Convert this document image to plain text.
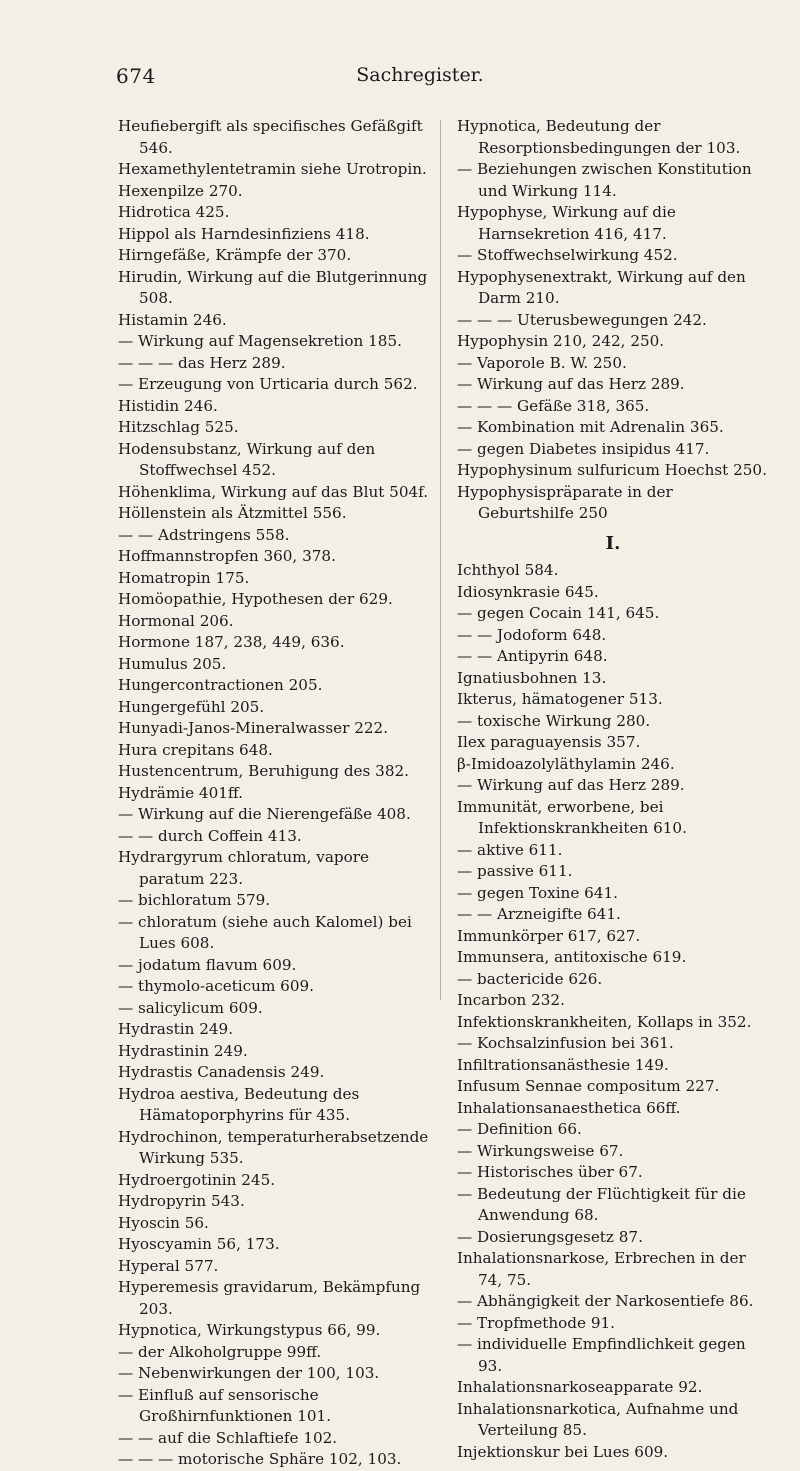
674	Sachregister.

Heufiebergift als specifisches Gefäßgift 546.

Hexamethylentetramin siehe Urotropin.

Hexenpilze 270.

Hidrotica 425.

Hippol als Harndesinfiziens 418.

Hirngefäße, Krämpfe der 370.

Hirudin, Wirkung auf die Blutgerinnung 508.

Histamin 246.

— Wirkung auf Magensekretion 185.

— — — das Herz 289.

— Erzeugung von Urticaria durch 562.

Histidin 246.

Hitzschlag 525.

Hodensubstanz, Wirkung auf den Stoffwechsel 452.

Höhenklima, Wirkung auf das Blut 504f.

Höllenstein als Ätzmittel 556.

— — Adstringens 558.

Hoffmannstropfen 360, 378.

Homatropin 175.

Homöopathie, Hypothesen der 629.

Hormonal 206.

Hormone 187, 238, 449, 636.

Humulus 205.

Hungercontractionen 205.

Hungergefühl 205.

Hunyadi-Janos-Mineralwasser 222.

Hura crepitans 648.

Hustencentrum, Beruhigung des 382.

Hydrämie 401ff.

— Wirkung auf die Nierengefäße 408.

— — durch Coffein 413.

Hydrargyrum chloratum, vapore paratum 223.

— bichloratum 579.

— chloratum (siehe auch Kalomel) bei Lues 608.

— jodatum flavum 609.

— thymolo-aceticum 609.

— salicylicum 609.

Hydrastin 249.

Hydrastinin 249.

Hydrastis Canadensis 249.

Hydroa aestiva, Bedeutung des Hämatoporphyrins für 435.

Hydrochinon, temperaturherabsetzende Wirkung 535.

Hydroergotinin 245.

Hydropyrin 543.

Hyoscin 56.

Hyoscyamin 56, 173.

Hyperal 577.

Hyperemesis gravidarum, Bekämpfung 203.

Hypnotica, Wirkungstypus 66, 99.

— der Alkoholgruppe 99ff.

— Nebenwirkungen der 100, 103.

— Einfluß auf sensorische Großhirnfunktionen 101.

— — auf die Schlaftiefe 102.

— — — motorische Sphäre 102, 103.

Hypnotica, Bedeutung der Resorptionsbedingungen der 103.

— Beziehungen zwischen Konstitution und Wirkung 114.

Hypophyse, Wirkung auf die Harnsekretion 416, 417.

— Stoffwechselwirkung 452.

Hypophysenextrakt, Wirkung auf den Darm 210.

— — — Uterusbewegungen 242.

Hypophysin 210, 242, 250.

— Vaporole B. W. 250.

— Wirkung auf das Herz 289.

— — — Gefäße 318, 365.

— Kombination mit Adrenalin 365.

— gegen Diabetes insipidus 417.

Hypophysinum sulfuricum Hoechst 250.

Hypophysispräparate in der Geburtshilfe 250

I.

Ichthyol 584.

Idiosynkrasie 645.

— gegen Cocain 141, 645.

— — Jodoform 648.

— — Antipyrin 648.

Ignatiusbohnen 13.

Ikterus, hämatogener 513.

— toxische Wirkung 280.

Ilex paraguayensis 357.

β-Imidoazolyläthylamin 246.

— Wirkung auf das Herz 289.

Immunität, erworbene, bei Infektionskrankheiten 610.

— aktive 611.

— passive 611.

— gegen Toxine 641.

— — Arzneigifte 641.

Immunkörper 617, 627.

Immunsera, antitoxische 619.

— bactericide 626.

Incarbon 232.

Infektionskrankheiten, Kollaps in 352.

— Kochsalzinfusion bei 361.

Infiltrationsanästhesie 149.

Infusum Sennae compositum 227.

Inhalationsanaesthetica 66ff.

— Definition 66.

— Wirkungsweise 67.

— Historisches über 67.

— Bedeutung der Flüchtigkeit für die Anwendung 68.

— Dosierungsgesetz 87.

Inhalationsnarkose, Erbrechen in der 74, 75.

— Abhängigkeit der Narkosentiefe 86.

— Tropfmethode 91.

— individuelle Empfindlichkeit gegen 93.

Inhalationsnarkoseapparate 92.

Inhalationsnarkotica, Aufnahme und Verteilung 85.

Injektionskur bei Lues 609.
